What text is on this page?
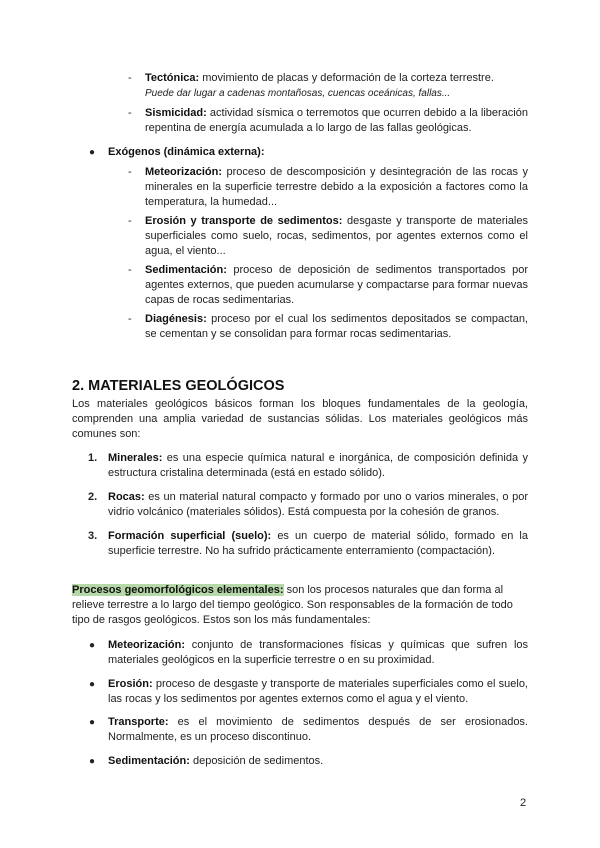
- Tectónica: movimiento de placas y deformación de la corteza terrestre.
Puede dar lugar a cadenas montañosas, cuencas oceánicas, fallas...
- Sismicidad: actividad sísmica o terremotos que ocurren debido a la liberación repentina de energía acumulada a lo largo de las fallas geológicas.
● Exógenos (dinámica externa):
- Meteorización: proceso de descomposición y desintegración de las rocas y minerales en la superficie terrestre debido a la exposición a factores como la temperatura, la humedad...
- Erosión y transporte de sedimentos: desgaste y transporte de materiales superficiales como suelo, rocas, sedimentos, por agentes externos como el agua, el viento...
- Sedimentación: proceso de deposición de sedimentos transportados por agentes externos, que pueden acumularse y compactarse para formar nuevas capas de rocas sedimentarias.
- Diagénesis: proceso por el cual los sedimentos depositados se compactan, se cementan y se consolidan para formar rocas sedimentarias.
2. MATERIALES GEOLÓGICOS
Los materiales geológicos básicos forman los bloques fundamentales de la geología, comprenden una amplia variedad de sustancias sólidas. Los materiales geológicos más comunes son:
1. Minerales: es una especie química natural e inorgánica, de composición definida y estructura cristalina determinada (está en estado sólido).
2. Rocas: es un material natural compacto y formado por uno o varios minerales, o por vidrio volcánico (materiales sólidos). Está compuesta por la cohesión de granos.
3. Formación superficial (suelo): es un cuerpo de material sólido, formado en la superficie terrestre. No ha sufrido prácticamente enterramiento (compactación).
Procesos geomorfológicos elementales: son los procesos naturales que dan forma al relieve terrestre a lo largo del tiempo geológico. Son responsables de la formación de todo tipo de rasgos geológicos. Estos son los más fundamentales:
● Meteorización: conjunto de transformaciones físicas y químicas que sufren los materiales geológicos en la superficie terrestre o en su proximidad.
● Erosión: proceso de desgaste y transporte de materiales superficiales como el suelo, las rocas y los sedimentos por agentes externos como el agua y el viento.
● Transporte: es el movimiento de sedimentos después de ser erosionados. Normalmente, es un proceso discontinuo.
● Sedimentación: deposición de sedimentos.
2
